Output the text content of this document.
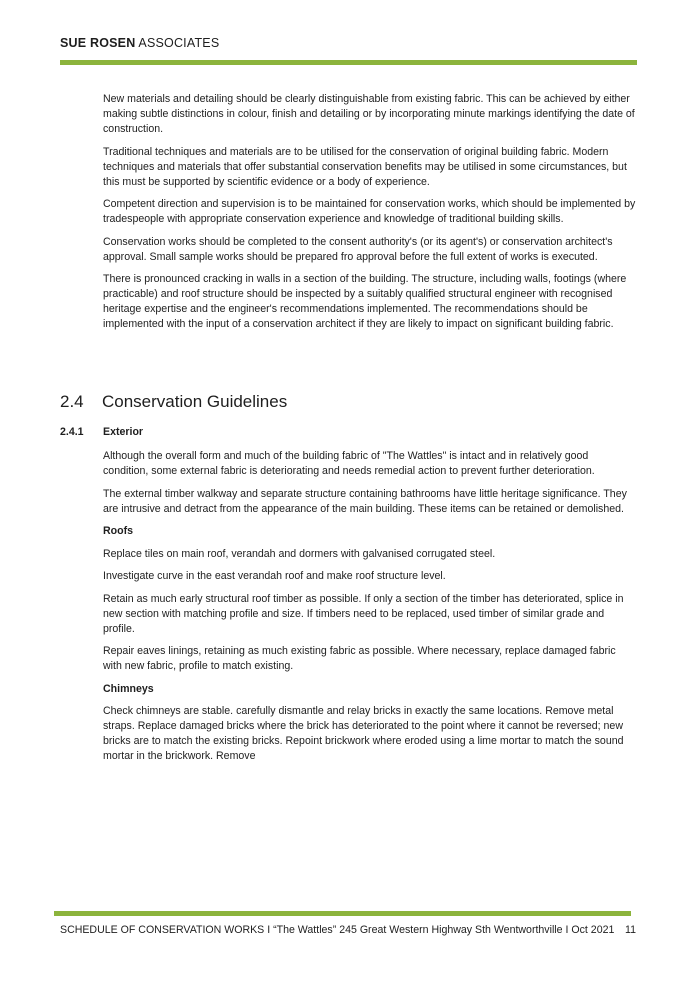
SUE ROSEN ASSOCIATES

New materials and detailing should be clearly distinguishable from existing fabric. This can be achieved by either making subtle distinctions in colour, finish and detailing or by incorporating minute markings identifying the date of construction.

Traditional techniques and materials are to be utilised for the conservation of original building fabric. Modern techniques and materials that offer substantial conservation benefits may be utilised in some circumstances, but this must be supported by scientific evidence or a body of experience.

Competent direction and supervision is to be maintained for conservation works, which should be implemented by tradespeople with appropriate conservation experience and knowledge of traditional building skills.

Conservation works should be completed to the consent authority's (or its agent's) or conservation architect's approval. Small sample works should be prepared fro approval before the full extent of works is executed.

There is pronounced cracking in walls in a section of the building. The structure, including walls, footings (where practicable) and roof structure should be inspected by a suitably qualified structural engineer with recognised heritage expertise and the engineer's recommendations implemented. The recommendations should be implemented with the input of a conservation architect if they are likely to impact on significant building fabric.

2.4 Conservation Guidelines
2.4.1 Exterior

Although the overall form and much of the building fabric of "The Wattles" is intact and in relatively good condition, some external fabric is deteriorating and needs remedial action to prevent further deterioration.

The external timber walkway and separate structure containing bathrooms have little heritage significance. They are intrusive and detract from the appearance of the main building. These items can be retained or demolished.

Roofs

Replace tiles on main roof, verandah and dormers with galvanised corrugated steel.

Investigate curve in the east verandah roof and make roof structure level.

Retain as much early structural roof timber as possible. If only a section of the timber has deteriorated, splice in new section with matching profile and size. If timbers need to be replaced, used timber of similar grade and profile.

Repair eaves linings, retaining as much existing fabric as possible. Where necessary, replace damaged fabric with new fabric, profile to match existing.

Chimneys

Check chimneys are stable. carefully dismantle and relay bricks in exactly the same locations. Remove metal straps. Replace damaged bricks where the brick has deteriorated to the point where it cannot be reversed; new bricks are to match the existing bricks. Repoint brickwork where eroded using a lime mortar to match the sound mortar in the brickwork. Remove

SCHEDULE OF CONSERVATION WORKS I “The Wattles” 245 Great Western Highway Sth Wentworthville I Oct 2021 11
